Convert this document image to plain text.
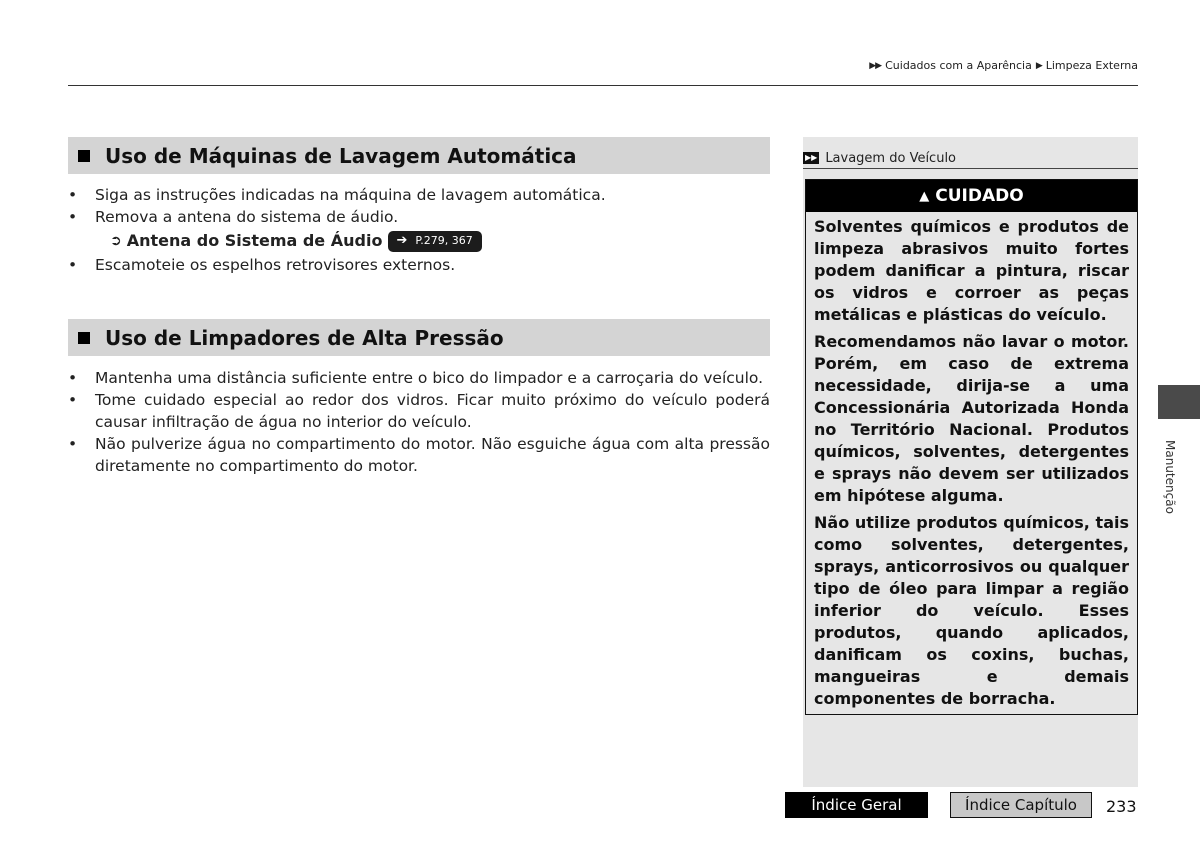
▶▶ Cuidados com a Aparência ▶ Limpeza Externa
Uso de Máquinas de Lavagem Automática
•	Siga as instruções indicadas na máquina de lavagem automática.
•	Remova a antena do sistema de áudio.
➲ Antena do Sistema de Áudio ➔ P.279, 367
•	Escamoteie os espelhos retrovisores externos.
Uso de Limpadores de Alta Pressão
•	Mantenha uma distância suficiente entre o bico do limpador e a carroçaria do veículo.
•	Tome cuidado especial ao redor dos vidros. Ficar muito próximo do veículo poderá causar infiltração de água no interior do veículo.
•	Não pulverize água no compartimento do motor. Não esguiche água com alta pressão diretamente no compartimento do motor.
▶▶ Lavagem do Veículo
▲ CUIDADO

Solventes químicos e produtos de limpeza abrasivos muito fortes podem danificar a pintura, riscar os vidros e corroer as peças metálicas e plásticas do veículo.

Recomendamos não lavar o motor. Porém, em caso de extrema necessidade, dirija-se a uma Concessionária Autorizada Honda no Território Nacional. Produtos químicos, solventes, detergentes e sprays não devem ser utilizados em hipótese alguma.

Não utilize produtos químicos, tais como solventes, detergentes, sprays, anticorrosivos ou qualquer tipo de óleo para limpar a região inferior do veículo. Esses produtos, quando aplicados, danificam os coxins, buchas, mangueiras e demais componentes de borracha.

Manutenção
Índice Geral	Índice Capítulo	233
